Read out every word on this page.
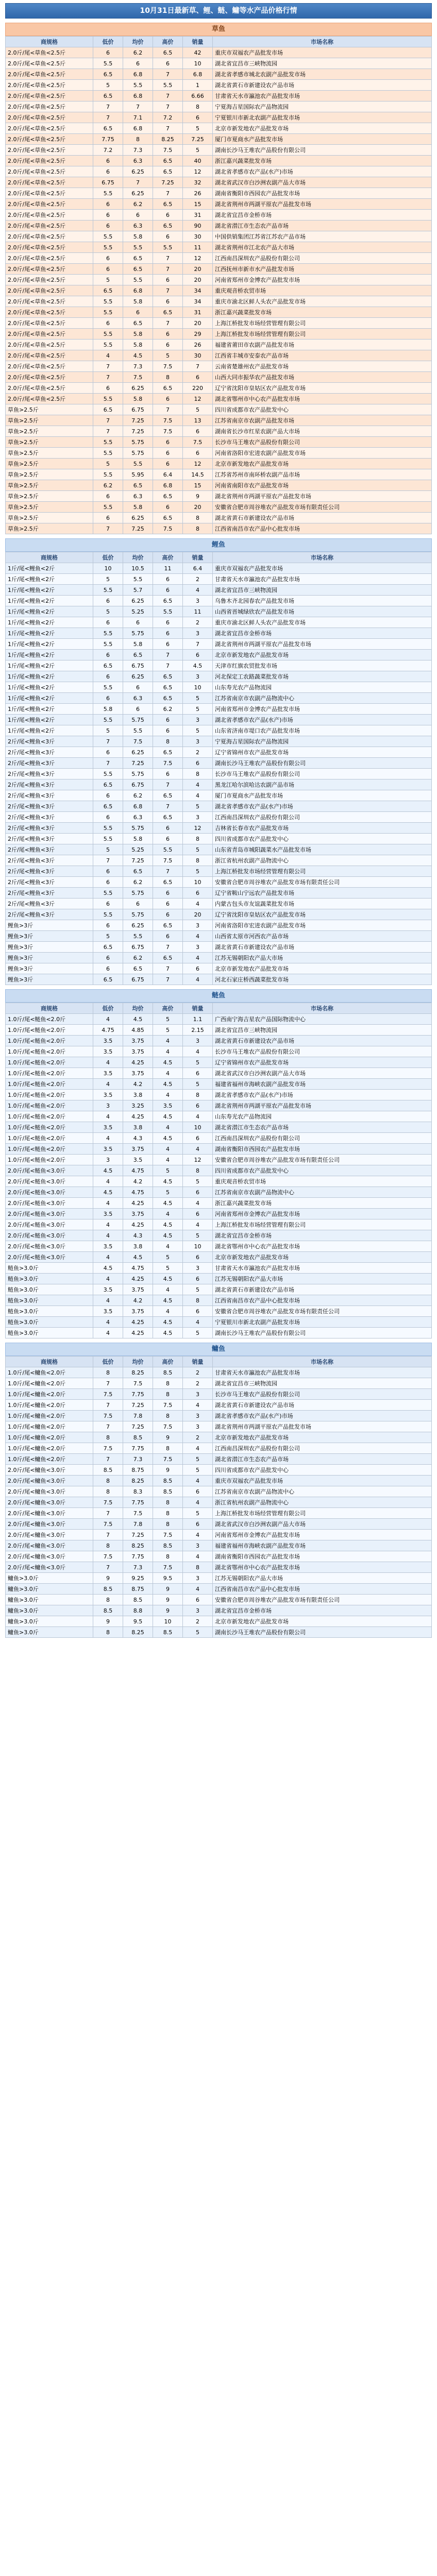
10月31日最新草、鲤、鲢、鳙等水产品价格行情
草鱼
商规格	低价	均价	高价	销量	市场名称
2.0斤/尾<草鱼<2.5斤	6	6.2	6.5	42	重庆市双福农产品批发市场
2.0斤/尾<草鱼<2.5斤	5.5	6	6	10	湖北省宜昌市三峡物流园
2.0斤/尾<草鱼<2.5斤	6.5	6.8	7	6.8	湖北省孝感市城北农副产品批发市场
2.0斤/尾<草鱼<2.5斤	5	5.5	5.5	1	湖北省黄石市新建设农产品市场
2.0斤/尾<草鱼<2.5斤	6.5	6.8	7	6.66	甘肃省天水市瀛池农产品批发市场
2.0斤/尾<草鱼<2.5斤	7	7	7	8	宁夏海吉星国际农产品物流园
2.0斤/尾<草鱼<2.5斤	7	7.1	7.2	6	宁夏银川市新北农副产品批发市场
2.0斤/尾<草鱼<2.5斤	6.5	6.8	7	5	北京市新发地农产品批发市场
2.0斤/尾<草鱼<2.5斤	7.75	8	8.25	7.25	厦门市夏商水产品批发市场
2.0斤/尾<草鱼<2.5斤	7.2	7.3	7.5	5	湖南长沙马王堆农产品股份有限公司
2.0斤/尾<草鱼<2.5斤	6	6.3	6.5	40	浙江嘉兴蔬菜批发市场
2.0斤/尾<草鱼<2.5斤	6	6.25	6.5	12	湖北省孝感市农产品(水产)市场
2.0斤/尾<草鱼<2.5斤	6.75	7	7.25	32	湖北省武汉市白沙洲农副产品大市场
2.0斤/尾<草鱼<2.5斤	5.5	6.25	7	26	湖南省衡阳市西园农产品批发市场
2.0斤/尾<草鱼<2.5斤	6	6.2	6.5	15	湖北省荆州市两湖平原农产品批发市场
2.0斤/尾<草鱼<2.5斤	6	6	6	31	湖北省宜昌市金桥市场
2.0斤/尾<草鱼<2.5斤	6	6.3	6.5	90	湖北省潜江市生态农产品市场
2.0斤/尾<草鱼<2.5斤	5.5	5.8	6	30	中国供销集团江苏省江苏农产品市场
2.0斤/尾<草鱼<2.5斤	5.5	5.5	5.5	11	湖北省荆州市江北农产品大市场
2.0斤/尾<草鱼<2.5斤	6	6.5	7	12	江西南昌深圳农产品股份有限公司
2.0斤/尾<草鱼<2.5斤	6	6.5	7	20	江西抚州市新市水产品批发市场
2.0斤/尾<草鱼<2.5斤	5	5.5	6	20	河南省郑州市金博农产品批发市场
2.0斤/尾<草鱼<2.5斤	6.5	6.8	7	34	重庆观音桥农贸市场
2.0斤/尾<草鱼<2.5斤	5.5	5.8	6	34	重庆市渝北区鲜人头农产品批发市场
2.0斤/尾<草鱼<2.5斤	5.5	6	6.5	31	浙江嘉兴蔬菜批发市场
2.0斤/尾<草鱼<2.5斤	6	6.5	7	20	上海江桥批发市场经营管理有限公司
2.0斤/尾<草鱼<2.5斤	5.5	5.8	6	29	上海江桥批发市场经营管理有限公司
2.0斤/尾<草鱼<2.5斤	5.5	5.8	6	26	福建省莆田市农副产品批发市场
2.0斤/尾<草鱼<2.5斤	4	4.5	5	30	江西省丰城市安泰农产品市场
2.0斤/尾<草鱼<2.5斤	7	7.3	7.5	7	云南省楚雄州农产品批发市场
2.0斤/尾<草鱼<2.5斤	7	7.5	8	6	山西大同市振华农产品批发市场
2.0斤/尾<草鱼<2.5斤	6	6.25	6.5	220	辽宁省沈阳市皇姑区农产品批发市场
2.0斤/尾<草鱼<2.5斤	5.5	5.8	6	12	湖北省鄂州市中心农产品批发市场
草鱼>2.5斤	6.5	6.75	7	5	四川省成都市农产品批发中心
草鱼>2.5斤	7	7.25	7.5	13	江苏省南京市农副产品批发市场
草鱼>2.5斤	7	7.25	7.5	6	湖南省长沙市红星农副产品大市场
草鱼>2.5斤	5.5	5.75	6	7.5	长沙市马王堆农产品股份有限公司
草鱼>2.5斤	5.5	5.75	6	6	河南省洛阳市宏进农副产品批发市场
草鱼>2.5斤	5	5.5	6	12	北京市新发地农产品批发市场
草鱼>2.5斤	5.5	5.95	6.4	14.5	江苏省苏州市南环桥农副产品市场
草鱼>2.5斤	6.2	6.5	6.8	15	河南省南阳市农产品批发市场
草鱼>2.5斤	6	6.3	6.5	9	湖北省荆州市两湖平原农产品批发市场
草鱼>2.5斤	5.5	5.8	6	20	安徽省合肥市周谷堆农产品批发市场有限责任公司
草鱼>2.5斤	6	6.25	6.5	8	湖北省黄石市新建设农产品市场
草鱼>2.5斤	7	7.25	7.5	8	江西省南昌市农产品中心批发市场
鲤鱼
商规格	低价	均价	高价	销量	市场名称
1斤/尾<鲤鱼<2斤	10	10.5	11	6.4	重庆市双福农产品批发市场
1斤/尾<鲤鱼<2斤	5	5.5	6	2	甘肃省天水市瀛池农产品批发市场
1斤/尾<鲤鱼<2斤	5.5	5.7	6	4	湖北省宜昌市三峡物流园
1斤/尾<鲤鱼<2斤	6	6.25	6.5	3	乌鲁木齐北园春农产品批发市场
1斤/尾<鲤鱼<2斤	5	5.25	5.5	11	山西省晋城绿欣农产品批发市场
1斤/尾<鲤鱼<2斤	6	6	6	2	重庆市渝北区鲜人头农产品批发市场
1斤/尾<鲤鱼<2斤	5.5	5.75	6	3	湖北省宜昌市金桥市场
1斤/尾<鲤鱼<2斤	5.5	5.8	6	7	湖北省荆州市两湖平原农产品批发市场
1斤/尾<鲤鱼<2斤	6	6.5	7	6	北京市新发地农产品批发市场
1斤/尾<鲤鱼<2斤	6.5	6.75	7	4.5	天津市红旗农贸批发市场
1斤/尾<鲤鱼<2斤	6	6.25	6.5	3	河北保定工农路蔬菜批发市场
1斤/尾<鲤鱼<2斤	5.5	6	6.5	10	山东寿光农产品物流园
1斤/尾<鲤鱼<2斤	6	6.3	6.5	5	江苏省南京市农副产品物流中心
1斤/尾<鲤鱼<2斤	5.8	6	6.2	5	河南省郑州市金博农产品批发市场
1斤/尾<鲤鱼<2斤	5.5	5.75	6	3	湖北省孝感市农产品(水产)市场
1斤/尾<鲤鱼<2斤	5	5.5	6	5	山东省济南市堤口农产品批发市场
2斤/尾<鲤鱼<3斤	7	7.5	8	3	宁夏海吉星国际农产品物流园
2斤/尾<鲤鱼<3斤	6	6.25	6.5	2	辽宁省锦州市农产品批发市场
2斤/尾<鲤鱼<3斤	7	7.25	7.5	6	湖南长沙马王堆农产品股份有限公司
2斤/尾<鲤鱼<3斤	5.5	5.75	6	8	长沙市马王堆农产品股份有限公司
2斤/尾<鲤鱼<3斤	6.5	6.75	7	4	黑龙江哈尔滨哈达农副产品市场
2斤/尾<鲤鱼<3斤	6	6.2	6.5	4	厦门市夏商水产品批发市场
2斤/尾<鲤鱼<3斤	6.5	6.8	7	5	湖北省孝感市农产品(水产)市场
2斤/尾<鲤鱼<3斤	6	6.3	6.5	3	江西南昌深圳农产品股份有限公司
2斤/尾<鲤鱼<3斤	5.5	5.75	6	12	吉林省长春市农产品批发市场
2斤/尾<鲤鱼<3斤	5.5	5.8	6	8	四川省成都市农产品批发中心
2斤/尾<鲤鱼<3斤	5	5.25	5.5	5	山东省青岛市城阳蔬菜水产品批发市场
2斤/尾<鲤鱼<3斤	7	7.25	7.5	8	浙江省杭州农副产品物流中心
2斤/尾<鲤鱼<3斤	6	6.5	7	5	上海江桥批发市场经营管理有限公司
2斤/尾<鲤鱼<3斤	6	6.2	6.5	10	安徽省合肥市周谷堆农产品批发市场有限责任公司
2斤/尾<鲤鱼<3斤	5.5	5.75	6	6	辽宁省鞍山宁远农产品批发市场
2斤/尾<鲤鱼<3斤	6	6	6	4	内蒙古包头市友谊蔬菜批发市场
2斤/尾<鲤鱼<3斤	5.5	5.75	6	20	辽宁省沈阳市皇姑区农产品批发市场
鲤鱼>3斤	6	6.25	6.5	3	河南省洛阳市宏进农副产品批发市场
鲤鱼>3斤	5	5.5	6	4	山西省太原市河西农产品市场
鲤鱼>3斤	6.5	6.75	7	3	湖北省黄石市新建设农产品市场
鲤鱼>3斤	6	6.2	6.5	4	江苏无锡朝阳农产品大市场
鲤鱼>3斤	6	6.5	7	6	北京市新发地农产品批发市场
鲤鱼>3斤	6.5	6.75	7	4	河北石家庄桥西蔬菜批发市场
鲢鱼
商规格	低价	均价	高价	销量	市场名称
1.0斤/尾<鲢鱼<2.0斤	4	4.5	5	1.1	广西南宁海吉星农产品国际物流中心
1.0斤/尾<鲢鱼<2.0斤	4.75	4.85	5	2.15	湖北省宜昌市三峡物流园
1.0斤/尾<鲢鱼<2.0斤	3.5	3.75	4	3	湖北省黄石市新建设农产品市场
1.0斤/尾<鲢鱼<2.0斤	3.5	3.75	4	4	长沙市马王堆农产品股份有限公司
1.0斤/尾<鲢鱼<2.0斤	4	4.25	4.5	5	辽宁省锦州市农产品批发市场
1.0斤/尾<鲢鱼<2.0斤	3.5	3.75	4	6	湖北省武汉市白沙洲农副产品大市场
1.0斤/尾<鲢鱼<2.0斤	4	4.2	4.5	5	福建省福州市海峡农副产品批发市场
1.0斤/尾<鲢鱼<2.0斤	3.5	3.8	4	8	湖北省孝感市农产品(水产)市场
1.0斤/尾<鲢鱼<2.0斤	3	3.25	3.5	6	湖北省荆州市两湖平原农产品批发市场
1.0斤/尾<鲢鱼<2.0斤	4	4.25	4.5	4	山东寿光农产品物流园
1.0斤/尾<鲢鱼<2.0斤	3.5	3.8	4	10	湖北省潜江市生态农产品市场
1.0斤/尾<鲢鱼<2.0斤	4	4.3	4.5	6	江西南昌深圳农产品股份有限公司
1.0斤/尾<鲢鱼<2.0斤	3.5	3.75	4	4	湖南省衡阳市西园农产品批发市场
1.0斤/尾<鲢鱼<2.0斤	3	3.5	4	12	安徽省合肥市周谷堆农产品批发市场有限责任公司
2.0斤/尾<鲢鱼<3.0斤	4.5	4.75	5	8	四川省成都市农产品批发中心
2.0斤/尾<鲢鱼<3.0斤	4	4.2	4.5	5	重庆观音桥农贸市场
2.0斤/尾<鲢鱼<3.0斤	4.5	4.75	5	6	江苏省南京市农副产品物流中心
2.0斤/尾<鲢鱼<3.0斤	4	4.25	4.5	4	浙江嘉兴蔬菜批发市场
2.0斤/尾<鲢鱼<3.0斤	3.5	3.75	4	6	河南省郑州市金博农产品批发市场
2.0斤/尾<鲢鱼<3.0斤	4	4.25	4.5	4	上海江桥批发市场经营管理有限公司
2.0斤/尾<鲢鱼<3.0斤	4	4.3	4.5	5	湖北省宜昌市金桥市场
2.0斤/尾<鲢鱼<3.0斤	3.5	3.8	4	10	湖北省鄂州市中心农产品批发市场
2.0斤/尾<鲢鱼<3.0斤	4	4.5	5	6	北京市新发地农产品批发市场
鲢鱼>3.0斤	4.5	4.75	5	3	甘肃省天水市瀛池农产品批发市场
鲢鱼>3.0斤	4	4.25	4.5	6	江苏无锡朝阳农产品大市场
鲢鱼>3.0斤	3.5	3.75	4	5	湖北省黄石市新建设农产品市场
鲢鱼>3.0斤	4	4.2	4.5	8	江西省南昌市农产品中心批发市场
鲢鱼>3.0斤	3.5	3.75	4	6	安徽省合肥市周谷堆农产品批发市场有限责任公司
鲢鱼>3.0斤	4	4.25	4.5	4	宁夏银川市新北农副产品批发市场
鲢鱼>3.0斤	4	4.25	4.5	5	湖南长沙马王堆农产品股份有限公司
鳙鱼
商规格	低价	均价	高价	销量	市场名称
1.0斤/尾<鳙鱼<2.0斤	8	8.25	8.5	2	甘肃省天水市瀛池农产品批发市场
1.0斤/尾<鳙鱼<2.0斤	7	7.5	8	2	湖北省宜昌市三峡物流园
1.0斤/尾<鳙鱼<2.0斤	7.5	7.75	8	3	长沙市马王堆农产品股份有限公司
1.0斤/尾<鳙鱼<2.0斤	7	7.25	7.5	4	湖北省黄石市新建设农产品市场
1.0斤/尾<鳙鱼<2.0斤	7.5	7.8	8	3	湖北省孝感市农产品(水产)市场
1.0斤/尾<鳙鱼<2.0斤	7	7.25	7.5	3	湖北省荆州市两湖平原农产品批发市场
1.0斤/尾<鳙鱼<2.0斤	8	8.5	9	2	北京市新发地农产品批发市场
1.0斤/尾<鳙鱼<2.0斤	7.5	7.75	8	4	江西南昌深圳农产品股份有限公司
1.0斤/尾<鳙鱼<2.0斤	7	7.3	7.5	5	湖北省潜江市生态农产品市场
2.0斤/尾<鳙鱼<3.0斤	8.5	8.75	9	5	四川省成都市农产品批发中心
2.0斤/尾<鳙鱼<3.0斤	8	8.25	8.5	4	重庆市双福农产品批发市场
2.0斤/尾<鳙鱼<3.0斤	8	8.3	8.5	6	江苏省南京市农副产品物流中心
2.0斤/尾<鳙鱼<3.0斤	7.5	7.75	8	4	浙江省杭州农副产品物流中心
2.0斤/尾<鳙鱼<3.0斤	7	7.5	8	5	上海江桥批发市场经营管理有限公司
2.0斤/尾<鳙鱼<3.0斤	7.5	7.8	8	6	湖北省武汉市白沙洲农副产品大市场
2.0斤/尾<鳙鱼<3.0斤	7	7.25	7.5	4	河南省郑州市金博农产品批发市场
2.0斤/尾<鳙鱼<3.0斤	8	8.25	8.5	3	福建省福州市海峡农副产品批发市场
2.0斤/尾<鳙鱼<3.0斤	7.5	7.75	8	4	湖南省衡阳市西园农产品批发市场
2.0斤/尾<鳙鱼<3.0斤	7	7.3	7.5	8	湖北省鄂州市中心农产品批发市场
鳙鱼>3.0斤	9	9.25	9.5	3	江苏无锡朝阳农产品大市场
鳙鱼>3.0斤	8.5	8.75	9	4	江西省南昌市农产品中心批发市场
鳙鱼>3.0斤	8	8.5	9	6	安徽省合肥市周谷堆农产品批发市场有限责任公司
鳙鱼>3.0斤	8.5	8.8	9	3	湖北省宜昌市金桥市场
鳙鱼>3.0斤	9	9.5	10	2	北京市新发地农产品批发市场
鳙鱼>3.0斤	8	8.25	8.5	5	湖南长沙马王堆农产品股份有限公司
